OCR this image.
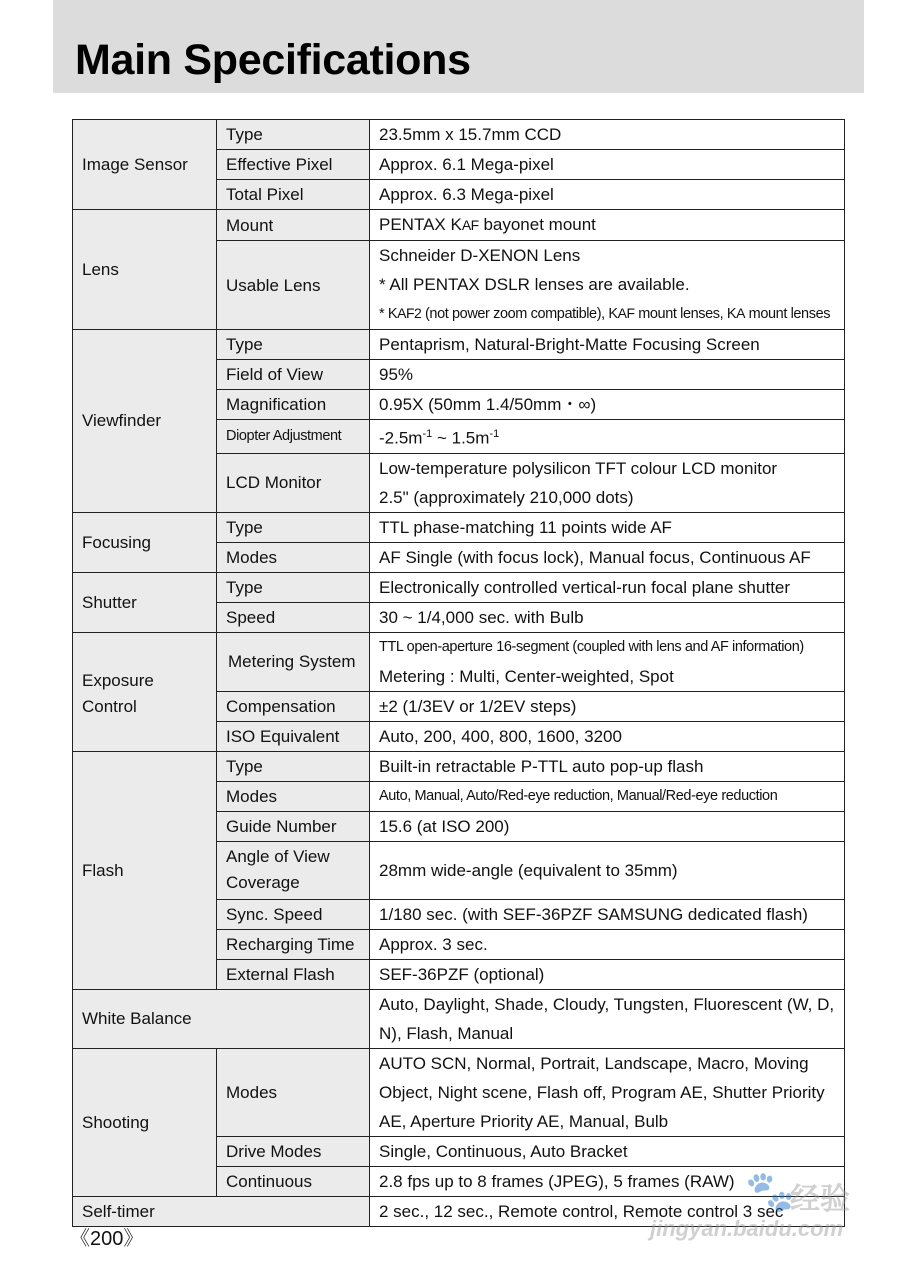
Main Specifications
Image Sensor	Type	23.5mm x 15.7mm CCD
	Effective Pixel	Approx. 6.1 Mega-pixel
	Total Pixel	Approx. 6.3 Mega-pixel
Lens	Mount	PENTAX KAF bayonet mount
	Usable Lens	Schneider D-XENON Lens
* All PENTAX DSLR lenses are available.
* KAF2 (not power zoom compatible), KAF mount lenses, KA mount lenses

Viewfinder	Type	Pentaprism, Natural-Bright-Matte Focusing Screen
	Field of View	95%
	Magnification	0.95X (50mm 1.4/50mm・∞)
	Diopter Adjustment	$-2.5m^{-1}$ ~ $1.5m^{-1}$
	LCD Monitor	Low-temperature polysilicon TFT colour LCD monitor
2.5" (approximately 210,000 dots)

Focusing	Type	TTL phase-matching 11 points wide AF
	Modes	AF Single (with focus lock), Manual focus, Continuous AF
Shutter	Type	Electronically controlled vertical-run focal plane shutter
	Speed	30 ~ 1/4,000 sec. with Bulb

Exposure
Control	Metering System	TTL open-aperture 16-segment (coupled with lens and AF information)
Metering : Multi, Center-weighted, Spot

	Compensation	±2 (1/3EV or 1/2EV steps)
	ISO Equivalent	Auto, 200, 400, 800, 1600, 3200
Flash	Type	Built-in retractable P-TTL auto pop-up flash
	Modes	Auto, Manual, Auto/Red-eye reduction, Manual/Red-eye reduction
	Guide Number	15.6 (at ISO 200)

	Angle of View
Coverage	28mm wide-angle (equivalent to 35mm)
	Sync. Speed	1/180 sec. (with SEF-36PZF SAMSUNG dedicated flash)
	Recharging Time	Approx. 3 sec.
	External Flash	SEF-36PZF (optional)
White Balance		Auto, Daylight, Shade, Cloudy, Tungsten, Fluorescent (W, D,
N), Flash, Manual

Shooting	Modes	AUTO SCN, Normal, Portrait, Landscape, Macro, Moving
Object, Night scene, Flash off, Program AE, Shutter Priority
AE, Aperture Priority AE, Manual, Bulb

	Drive Modes	Single, Continuous, Auto Bracket
	Continuous	2.8 fps up to 8 frames (JPEG), 5 frames (RAW)
Self-timer		2 sec., 12 sec., Remote control, Remote control 3 sec
《200》
🐾
经验
jingyan.baidu.com
